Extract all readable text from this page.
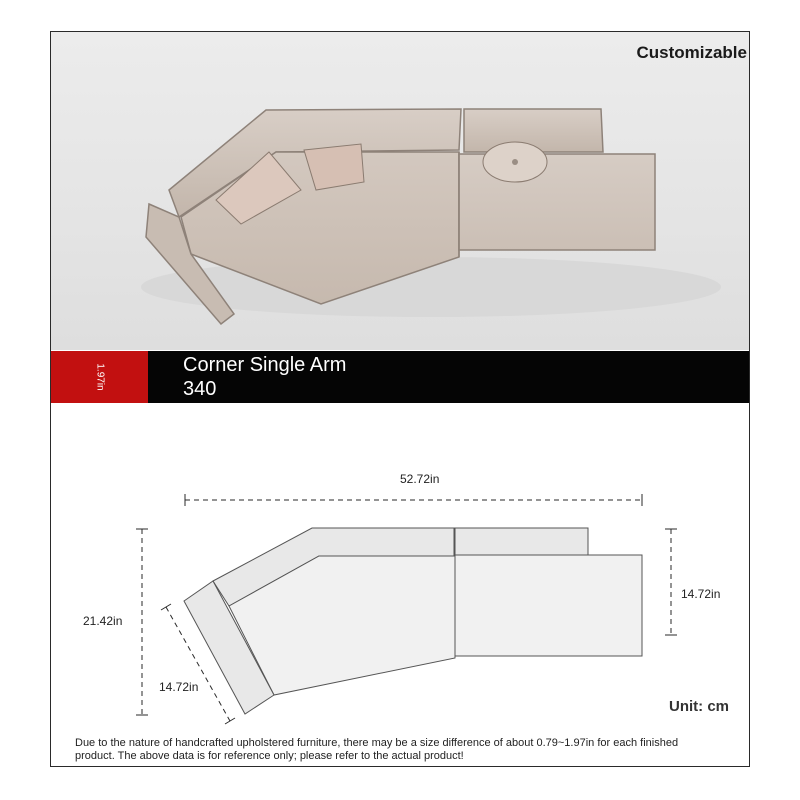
Customizable
1.97in	Corner Single Arm
340
52.72in
21.42in
14.72in
14.72in
Unit: cm
Due to the nature of handcrafted upholstered furniture, there may be a size difference of about 0.79~1.97in for each finished product. The above data is for reference only; please refer to the actual product!
